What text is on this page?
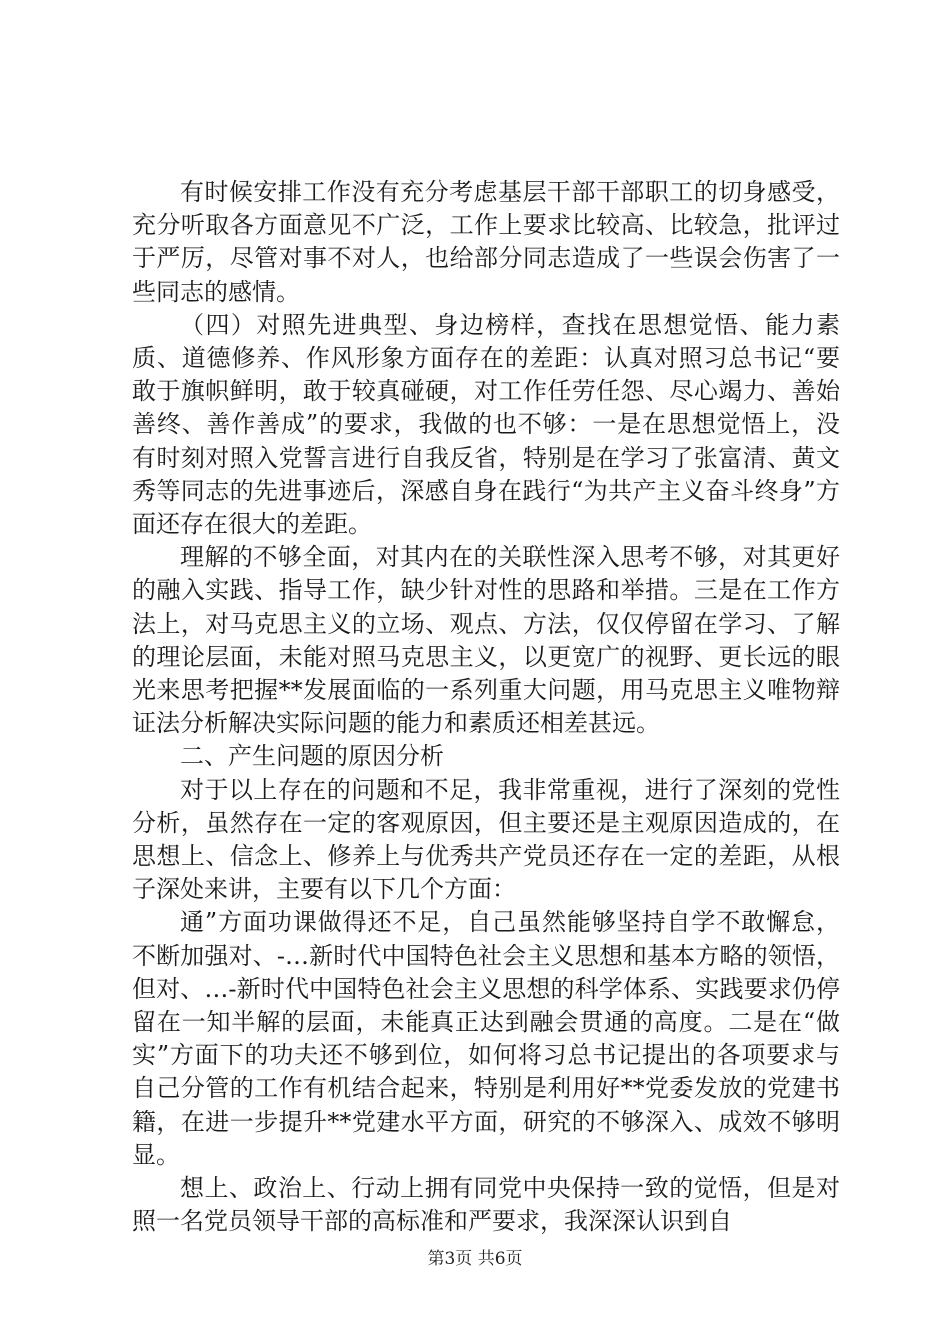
有时候安排工作没有充分考虑基层干部干部职工的切身感受，充分听取各方面意见不广泛，工作上要求比较高、比较急，批评过于严厉，尽管对事不对人，也给部分同志造成了一些误会伤害了一些同志的感情。

（四）对照先进典型、身边榜样，查找在思想觉悟、能力素质、道德修养、作风形象方面存在的差距：认真对照习总书记“要敢于旗帜鲜明，敢于较真碰硬，对工作任劳任怨、尽心竭力、善始善终、善作善成”的要求，我做的也不够：一是在思想觉悟上，没有时刻对照入党誓言进行自我反省，特别是在学习了张富清、黄文秀等同志的先进事迹后，深感自身在践行“为共产主义奋斗终身”方面还存在很大的差距。

理解的不够全面，对其内在的关联性深入思考不够，对其更好的融入实践、指导工作，缺少针对性的思路和举措。三是在工作方法上，对马克思主义的立场、观点、方法，仅仅停留在学习、了解的理论层面，未能对照马克思主义，以更宽广的视野、更长远的眼光来思考把握**发展面临的一系列重大问题，用马克思主义唯物辩证法分析解决实际问题的能力和素质还相差甚远。

二、产生问题的原因分析

对于以上存在的问题和不足，我非常重视，进行了深刻的党性分析，虽然存在一定的客观原因，但主要还是主观原因造成的，在思想上、信念上、修养上与优秀共产党员还存在一定的差距，从根子深处来讲，主要有以下几个方面：

通”方面功课做得还不足，自己虽然能够坚持自学不敢懈怠，不断加强对、-…新时代中国特色社会主义思想和基本方略的领悟，但对、…-新时代中国特色社会主义思想的科学体系、实践要求仍停留在一知半解的层面，未能真正达到融会贯通的高度。二是在“做实”方面下的功夫还不够到位，如何将习总书记提出的各项要求与自己分管的工作有机结合起来，特别是利用好**党委发放的党建书籍，在进一步提升**党建水平方面，研究的不够深入、成效不够明显。

想上、政治上、行动上拥有同党中央保持一致的觉悟，但是对照一名党员领导干部的高标准和严要求，我深深认识到自

第3页 共6页
